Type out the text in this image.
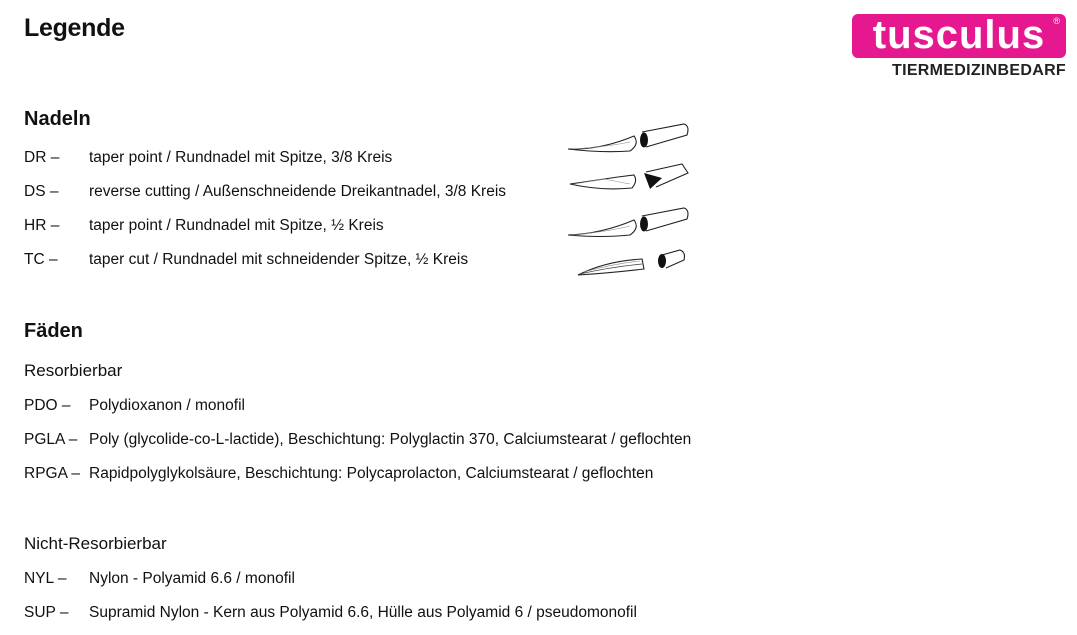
Legende	tusculus ®
TIERMEDIZINBEDARF
Nadeln
DR – taper point / Rundnadel mit Spitze, 3/8 Kreis
DS – reverse cutting / Außenschneidende Dreikantnadel, 3/8 Kreis
HR – taper point / Rundnadel mit Spitze, ½ Kreis
TC – taper cut / Rundnadel mit schneidender Spitze, ½ Kreis
Fäden
Resorbierbar
PDO – Polydioxanon / monofil
PGLA – Poly (glycolide-co-L-lactide), Beschichtung: Polyglactin 370, Calciumstearat / geflochten
RPGA – Rapidpolyglykolsäure, Beschichtung: Polycaprolacton, Calciumstearat / geflochten
Nicht-Resorbierbar
NYL – Nylon - Polyamid 6.6 / monofil
SUP – Supramid Nylon - Kern aus Polyamid 6.6, Hülle aus Polyamid 6 / pseudomonofil
